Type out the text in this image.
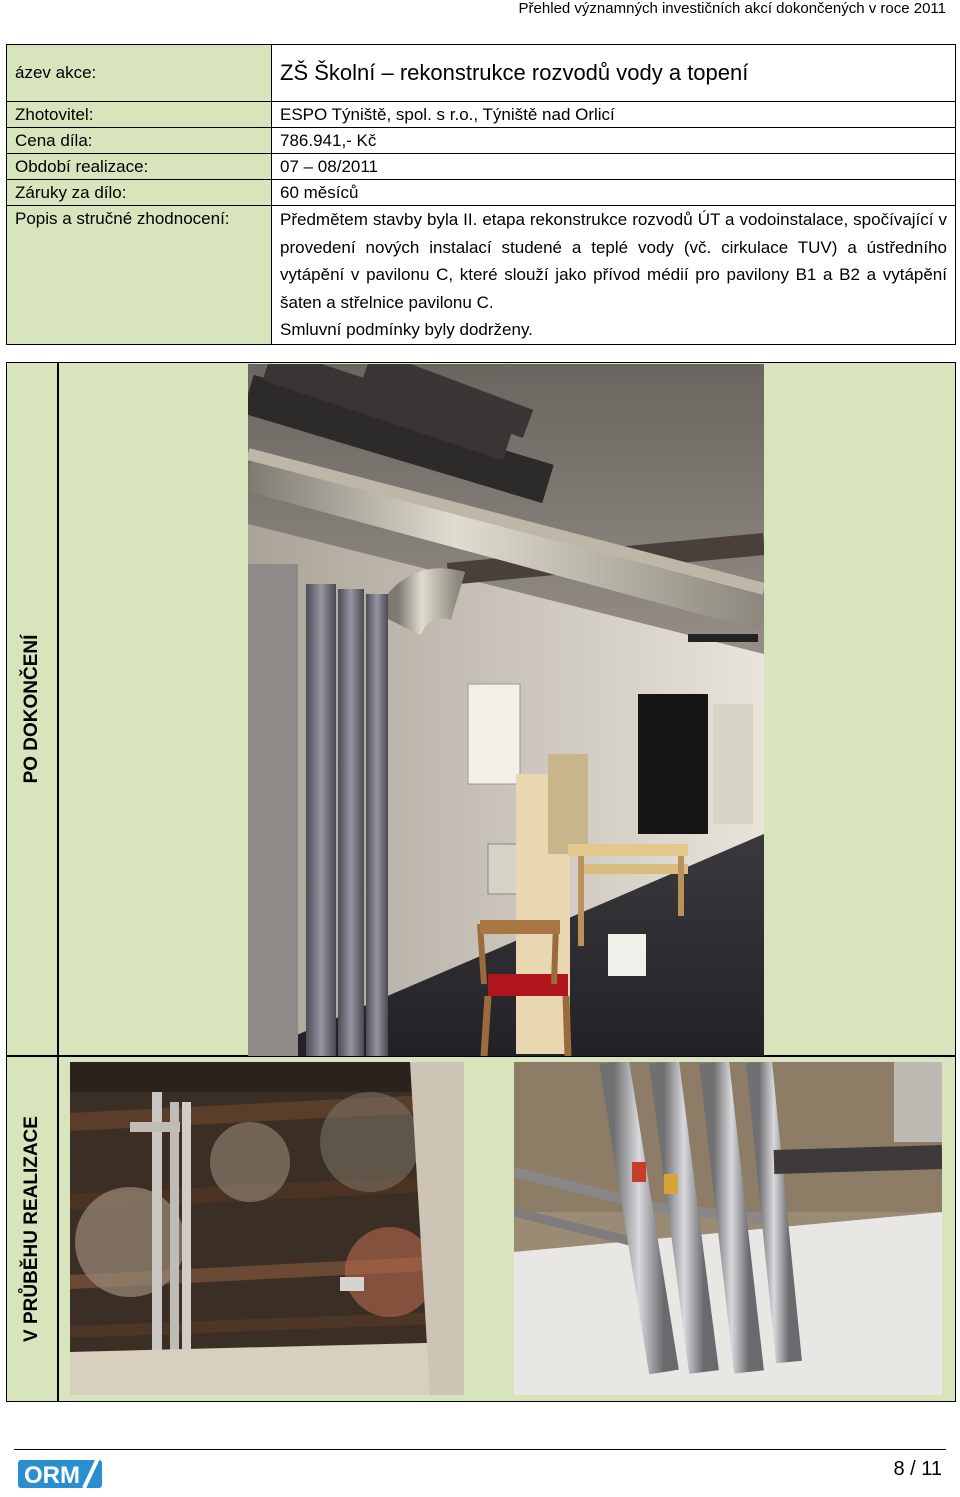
Přehled významných investičních akcí dokončených v roce 2011
ázev akce:	ZŠ Školní – rekonstrukce rozvodů vody a topení
Zhotovitel:	ESPO Týniště, spol. s r.o., Týniště nad Orlicí
Cena díla:	786.941,- Kč
Období realizace:	07 – 08/2011
Záruky za dílo:	60 měsíců
Popis a stručné zhodnocení:	Předmětem stavby byla II. etapa rekonstrukce rozvodů ÚT a vodoinstalace, spočívající v provedení nových instalací studené a teplé vody (vč. cirkulace TUV) a ústředního vytápění v pavilonu C, které slouží jako přívod médií pro pavilony B1 a B2 a vytápění šaten a střelnice pavilonu C.
Smluvní podmínky byly dodrženy.
PO DOKONČENÍ
V PRŮBĚHU REALIZACE
ORM	8 / 11
